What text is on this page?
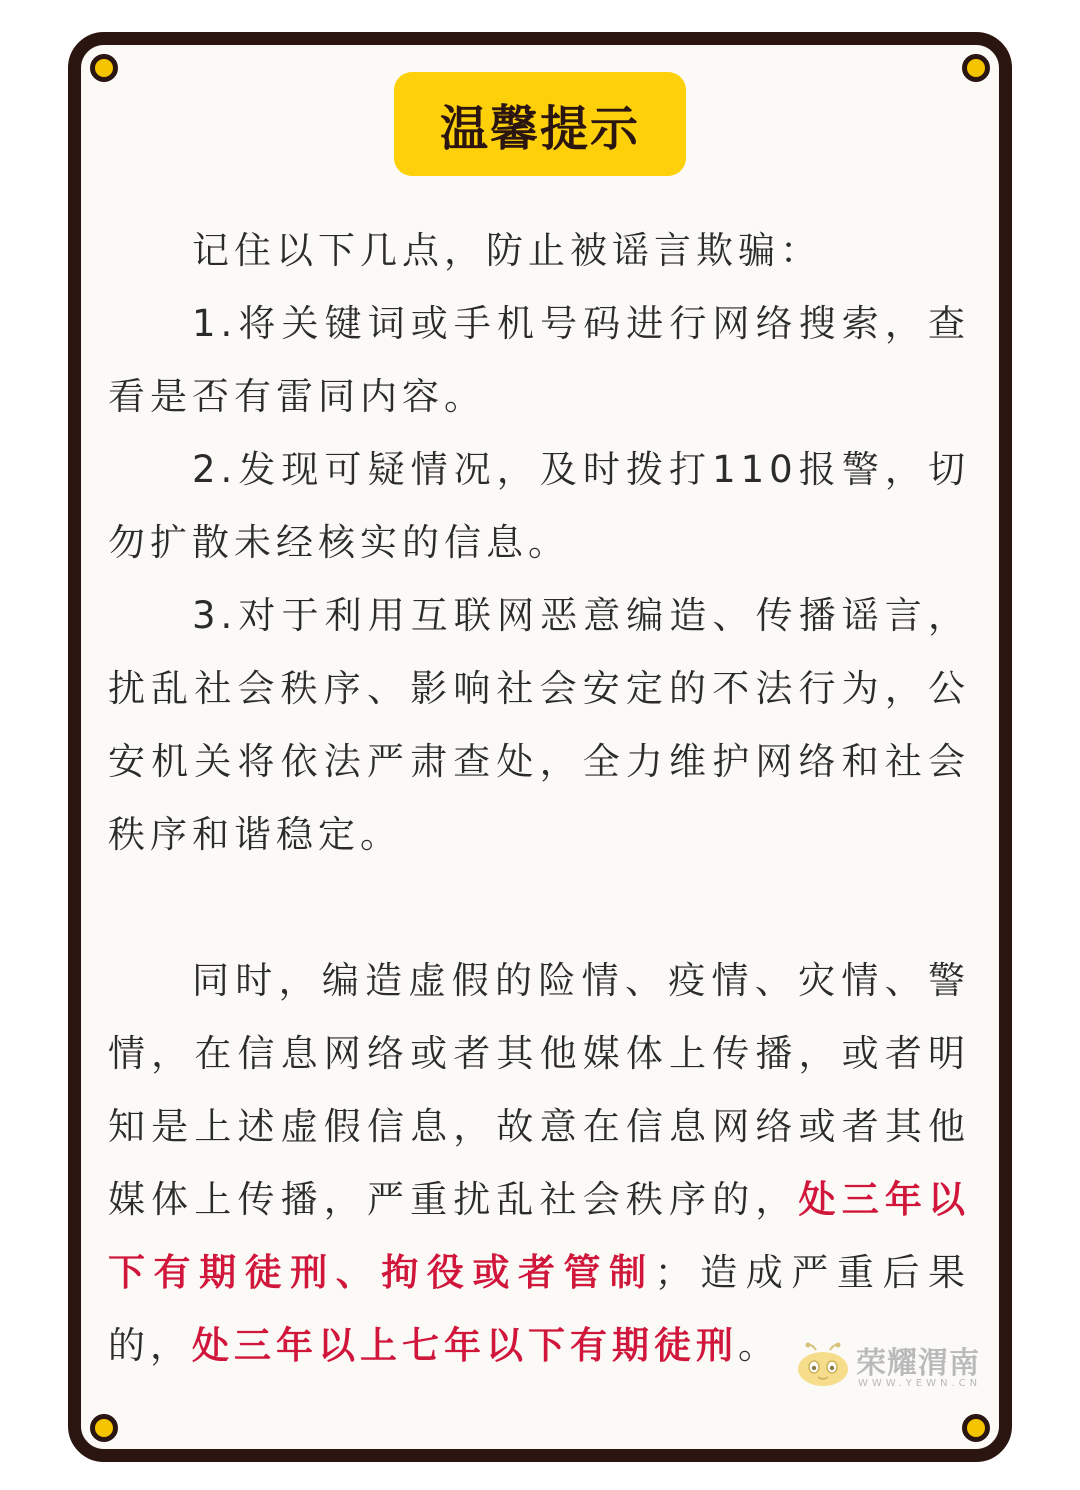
温馨提示

记住以下几点，防止被谣言欺骗：

1.将关键词或手机号码进行网络搜索，查看是否有雷同内容。

2.发现可疑情况，及时拨打110报警，切勿扩散未经核实的信息。

3.对于利用互联网恶意编造、传播谣言，扰乱社会秩序、影响社会安定的不法行为，公安机关将依法严肃查处，全力维护网络和社会秩序和谐稳定。

同时，编造虚假的险情、疫情、灾情、警情，在信息网络或者其他媒体上传播，或者明知是上述虚假信息，故意在信息网络或者其他媒体上传播，严重扰乱社会秩序的，处三年以下有期徒刑、拘役或者管制；造成严重后果的，处三年以上七年以下有期徒刑。	荣耀渭南
WWW.YEWN.CN
